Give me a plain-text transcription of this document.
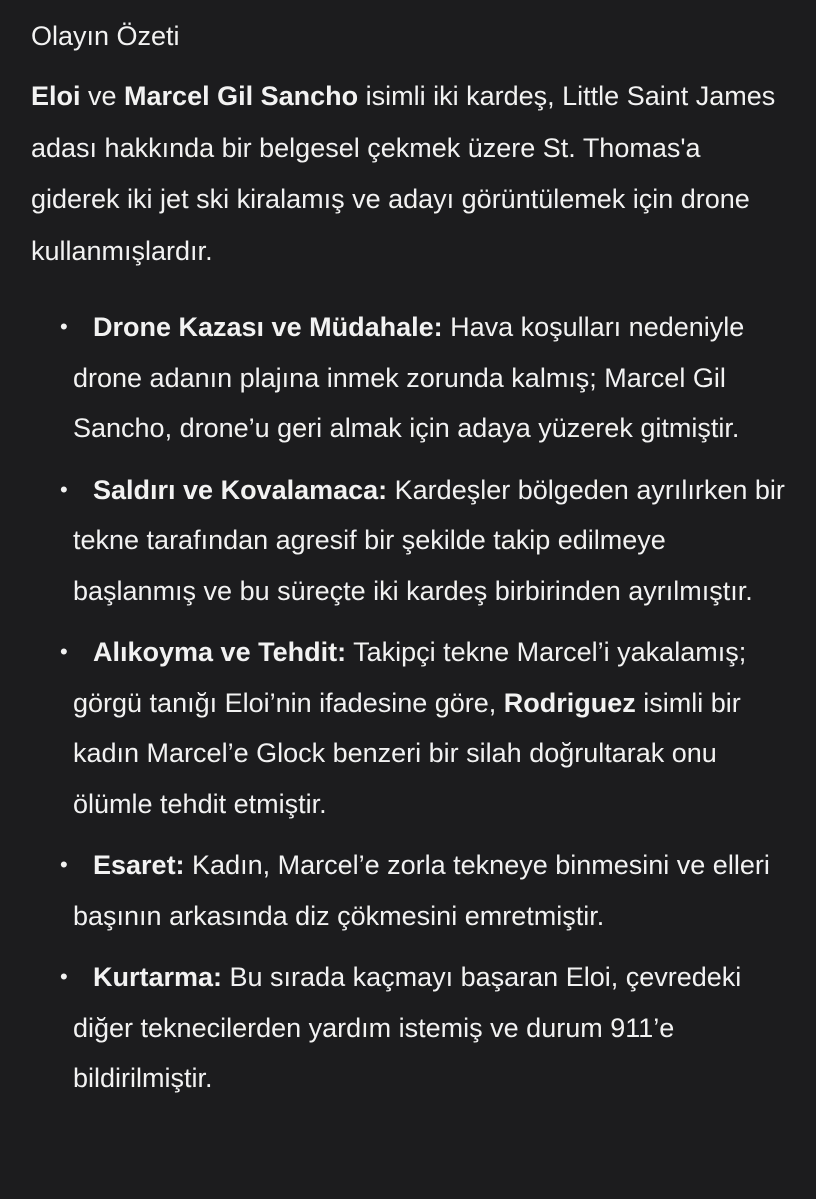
Olayın Özeti

Eloi ve Marcel Gil Sancho isimli iki kardeş, Little Saint James adası hakkında bir belgesel çekmek üzere St. Thomas'a giderek iki jet ski kiralamış ve adayı görüntülemek için drone kullanmışlardır.

• Drone Kazası ve Müdahale: Hava koşulları nedeniyle drone adanın plajına inmek zorunda kalmış; Marcel Gil Sancho, drone’u geri almak için adaya yüzerek gitmiştir.
• Saldırı ve Kovalamaca: Kardeşler bölgeden ayrılırken bir tekne tarafından agresif bir şekilde takip edilmeye başlanmış ve bu süreçte iki kardeş birbirinden ayrılmıştır.
• Alıkoyma ve Tehdit: Takipçi tekne Marcel’i yakalamış; görgü tanığı Eloi’nin ifadesine göre, Rodriguez isimli bir kadın Marcel’e Glock benzeri bir silah doğrultarak onu ölümle tehdit etmiştir.
• Esaret: Kadın, Marcel’e zorla tekneye binmesini ve elleri başının arkasında diz çökmesini emretmiştir.
• Kurtarma: Bu sırada kaçmayı başaran Eloi, çevredeki diğer teknecilerden yardım istemiş ve durum 911’e bildirilmiştir.
